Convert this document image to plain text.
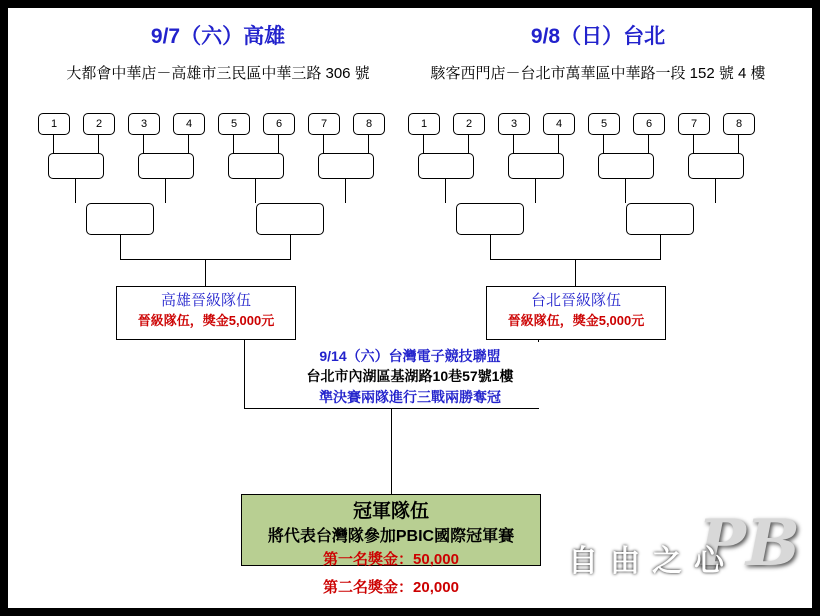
9/7（六）高雄
大都會中華店－高雄市三民區中華三路 306 號
1	2	3	4	5	6	7	8
高雄晉級隊伍
晉級隊伍，獎金5,000元
9/8（日）台北
駭客西門店－台北市萬華區中華路一段 152 號 4 樓
1	2	3	4	5	6	7	8
台北晉級隊伍
晉級隊伍，獎金5,000元
9/14（六）台灣電子競技聯盟
台北市內湖區基湖路10巷57號1樓
準決賽兩隊進行三戰兩勝奪冠
冠軍隊伍
將代表台灣隊參加PBIC國際冠軍賽
第一名獎金：50,000
第二名獎金：20,000
PB
自由之心
POINT BLANK ONLINE
